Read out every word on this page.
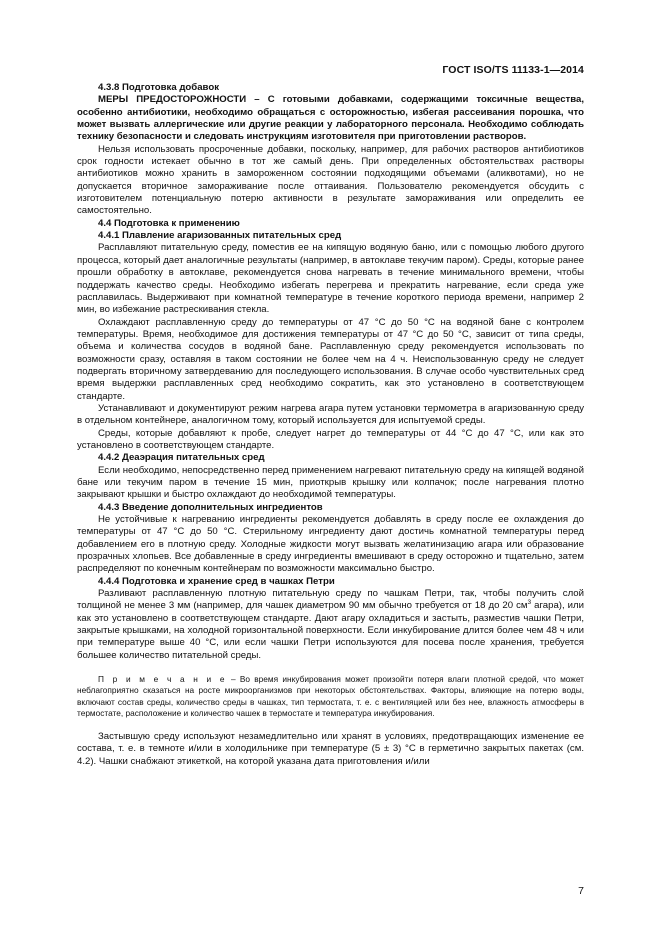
ГОСТ ISO/TS 11133-1—2014

4.3.8 Подготовка добавок

МЕРЫ ПРЕДОСТОРОЖНОСТИ – С готовыми добавками, содержащими токсичные вещества, особенно антибиотики, необходимо обращаться с осторожностью, избегая рассеивания порошка, что может вызвать аллергические или другие реакции у лабораторного персонала. Необходимо соблюдать технику безопасности и следовать инструкциям изготовителя при приготовлении растворов.

Нельзя использовать просроченные добавки, поскольку, например, для рабочих растворов антибиотиков срок годности истекает обычно в тот же самый день. При определенных обстоятельствах растворы антибиотиков можно хранить в замороженном состоянии подходящими объемами (аликвотами), но не допускается вторичное замораживание после оттаивания. Пользователю рекомендуется обсудить с изготовителем потенциальную потерю активности в результате замораживания или определить ее самостоятельно.

4.4 Подготовка к применению

4.4.1 Плавление агаризованных питательных сред

Расплавляют питательную среду, поместив ее на кипящую водяную баню, или с помощью любого другого процесса, который дает аналогичные результаты (например, в автоклаве текучим паром). Среды, которые ранее прошли обработку в автоклаве, рекомендуется снова нагревать в течение минимального времени, чтобы поддержать качество среды. Необходимо избегать перегрева и прекратить нагревание, если среда уже расплавилась. Выдерживают при комнатной температуре в течение короткого периода времени, например 2 мин, во избежание растрескивания стекла.

Охлаждают расплавленную среду до температуры от 47 °С до 50 °С на водяной бане с контролем температуры. Время, необходимое для достижения температуры от 47 °С до 50 °С, зависит от типа среды, объема и количества сосудов в водяной бане. Расплавленную среду рекомендуется использовать по возможности сразу, оставляя в таком состоянии не более чем на 4 ч. Неиспользованную среду не следует подвергать вторичному затвердеванию для последующего использования. В случае особо чувствительных сред время выдержки расплавленных сред необходимо сократить, как это установлено в соответствующем стандарте.

Устанавливают и документируют режим нагрева агара путем установки термометра в агаризованную среду в отдельном контейнере, аналогичном тому, который используется для испытуемой среды.

Среды, которые добавляют к пробе, следует нагрет до температуры от 44 °С до 47 °С, или как это установлено в соответствующем стандарте.

4.4.2 Деаэрация питательных сред

Если необходимо, непосредственно перед применением нагревают питательную среду на кипящей водяной бане или текучим паром в течение 15 мин, приоткрыв крышку или колпачок; после нагревания плотно закрывают крышки и быстро охлаждают до необходимой температуры.

4.4.3 Введение дополнительных ингредиентов

Не устойчивые к нагреванию ингредиенты рекомендуется добавлять в среду после ее охлаждения до температуры от 47 °С до 50 °С. Стерильному ингредиенту дают достичь комнатной температуры перед добавлением его в плотную среду. Холодные жидкости могут вызвать желатинизацию агара или образование прозрачных хлопьев. Все добавленные в среду ингредиенты вмешивают в среду осторожно и тщательно, затем распределяют по конечным контейнерам по возможности максимально быстро.

4.4.4 Подготовка и хранение сред в чашках Петри

Разливают расплавленную плотную питательную среду по чашкам Петри, так, чтобы получить слой толщиной не менее 3 мм (например, для чашек диаметром 90 мм обычно требуется от 18 до 20 $см^3$ агара), или как это установлено в соответствующем стандарте. Дают агару охладиться и застыть, разместив чашки Петри, закрытые крышками, на холодной горизонтальной поверхности. Если инкубирование длится более чем 48 ч или при температуре выше 40 °С, или если чашки Петри используются для посева после хранения, требуется большее количество питательной среды.

П р и м е ч а н и е – Во время инкубирования может произойти потеря влаги плотной средой, что может неблагоприятно сказаться на росте микроорганизмов при некоторых обстоятельствах. Факторы, влияющие на потерю воды, включают состав среды, количество среды в чашках, тип термостата, т. е. с вентиляцией или без нее, влажность атмосферы в термостате, расположение и количество чашек в термостате и температура инкубирования.

Застывшую среду используют незамедлительно или хранят в условиях, предотвращающих изменение ее состава, т. е. в темноте и/или в холодильнике при температуре (5 ± 3) °С в герметично закрытых пакетах (см. 4.2). Чашки снабжают этикеткой, на которой указана дата приготовления и/или

7
